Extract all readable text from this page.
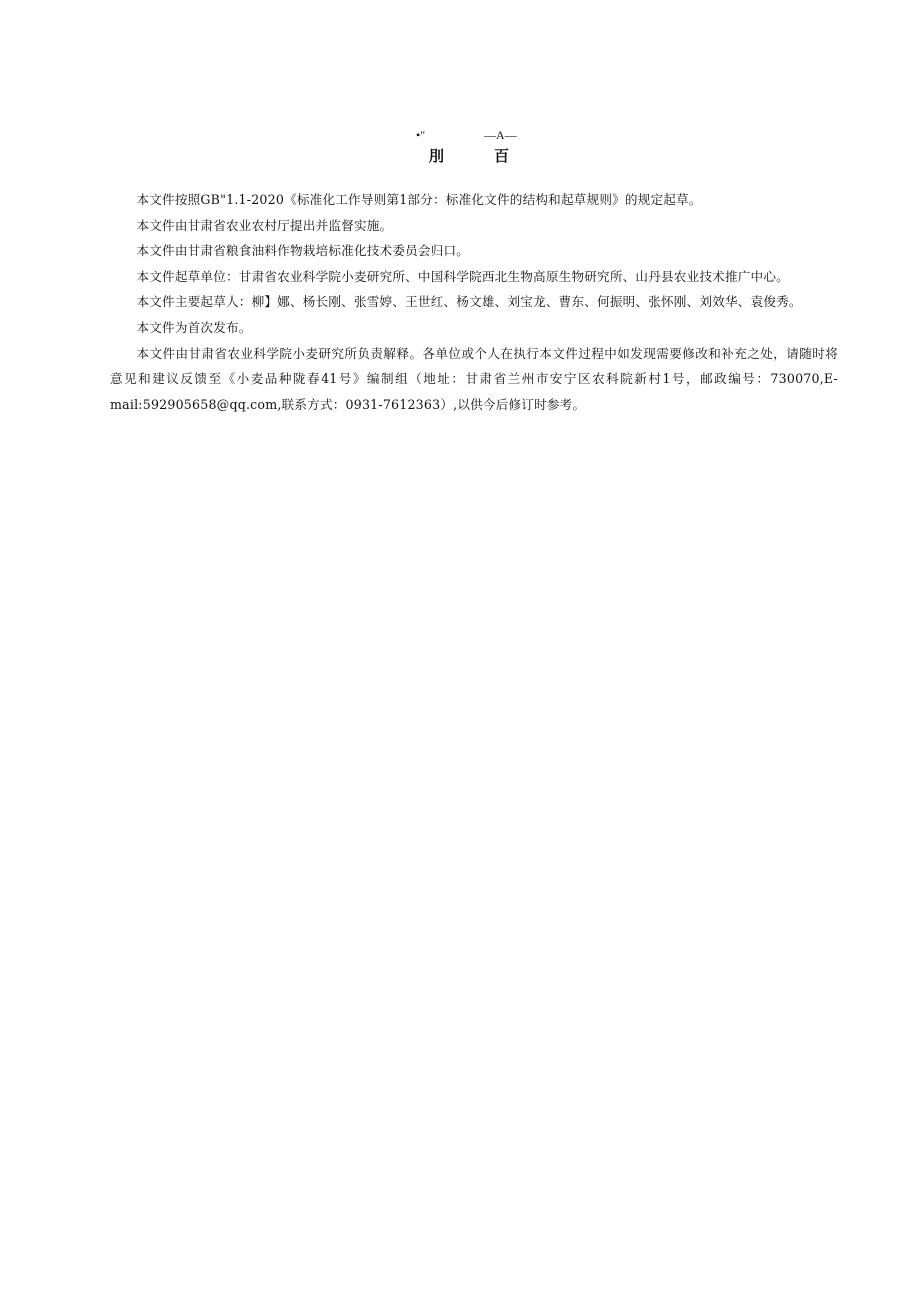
•"	—A—
刖	百

本文件按照GB"1.1-2020《标准化工作导则第1部分：标准化文件的结构和起草规则》的规定起草。

本文件由甘肃省农业农村厅提出并监督实施。

本文件由甘肃省粮食油料作物栽培标准化技术委员会归口。

本文件起草单位：甘肃省农业科学院小麦研究所、中国科学院西北生物高原生物研究所、山丹县农业技术推广中心。

本文件主要起草人：柳】娜、杨长刚、张雪婷、王世红、杨文雄、刘宝龙、曹东、何振明、张怀刚、刘效华、袁俊秀。

本文件为首次发布。

本文件由甘肃省农业科学院小麦研究所负责解释。各单位或个人在执行本文件过程中如发现需要修改和补充之处，请随时将意见和建议反馈至《小麦品种陇春41号》编制组（地址：甘肃省兰州市安宁区农科院新村1号，邮政编号：730070,E-mail:592905658@qq.com,联系方式：0931-7612363）,以供今后修订时参考。
